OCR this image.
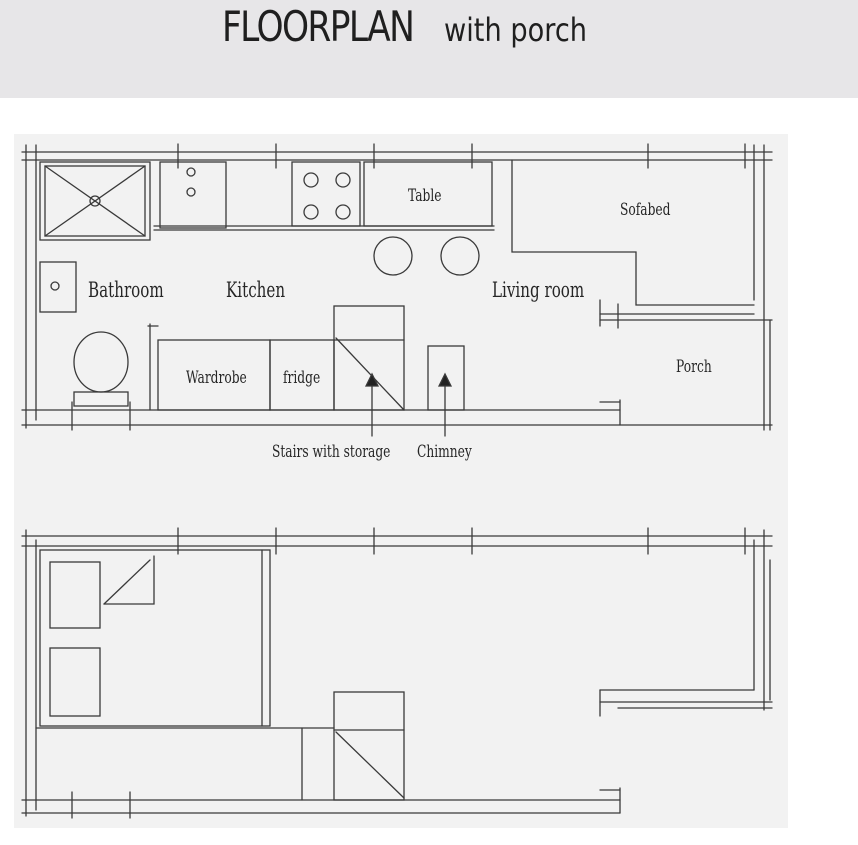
FLOORPLAN with porch
Table
Sofabed
Bathroom	Kitchen	Living room
Wardrobe fridge
Porch
Stairs with storage Chimney
